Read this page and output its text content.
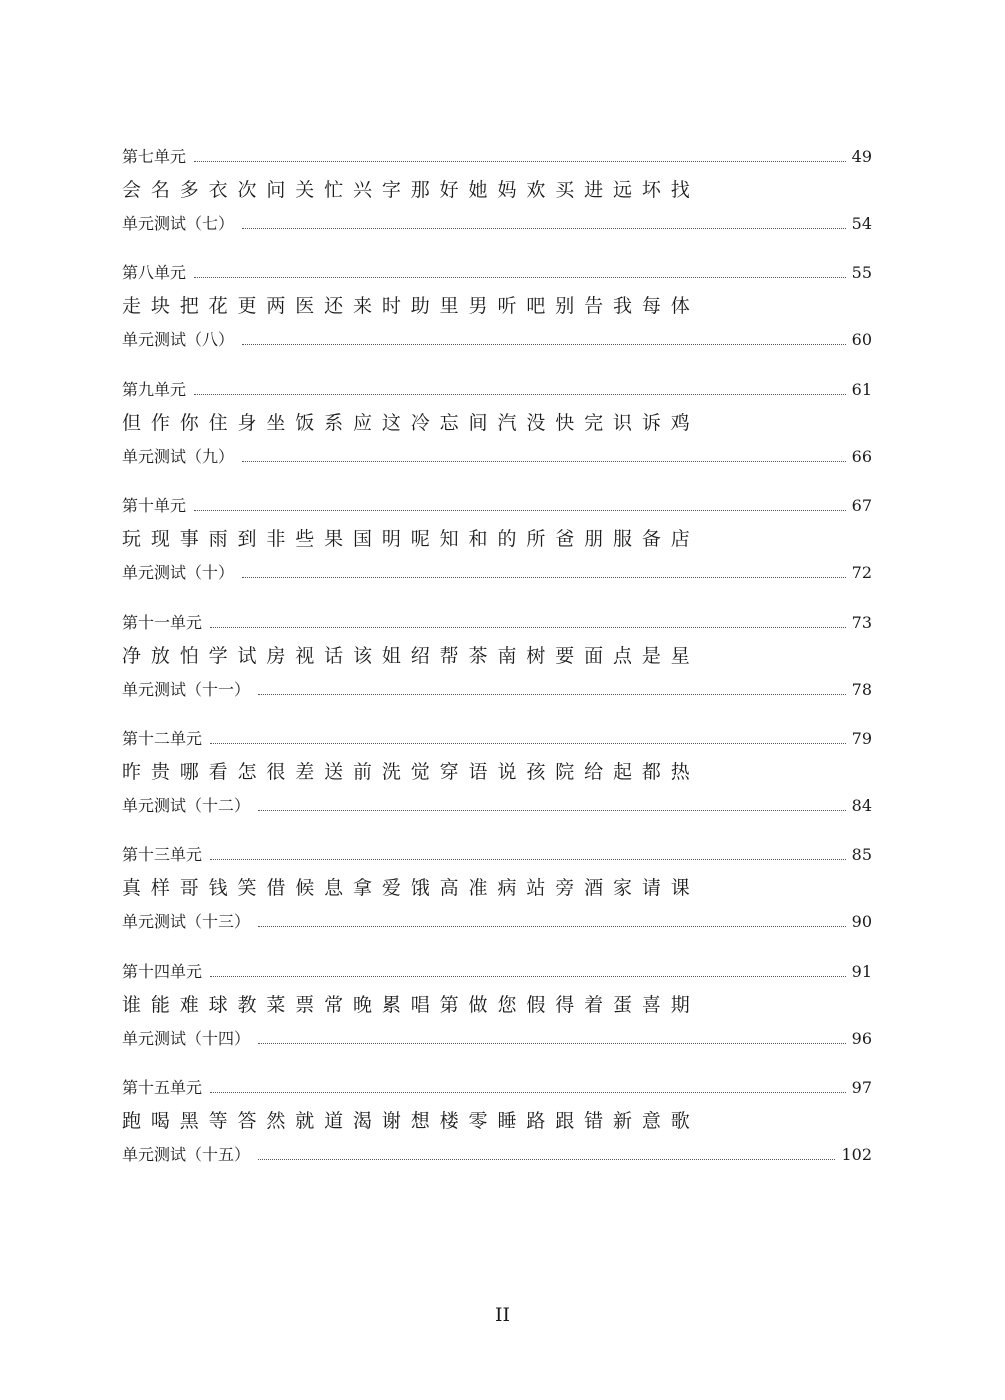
第七单元	49
会名多衣次问关忙兴字那好她妈欢买进远坏找
单元测试（七）	54
第八单元	55
走块把花更两医还来时助里男听吧别告我每体
单元测试（八）	60
第九单元	61
但作你住身坐饭系应这冷忘间汽没快完识诉鸡
单元测试（九）	66
第十单元	67
玩现事雨到非些果国明呢知和的所爸朋服备店
单元测试（十）	72
第十一单元	73
净放怕学试房视话该姐绍帮茶南树要面点是星
单元测试（十一）	78
第十二单元	79
昨贵哪看怎很差送前洗觉穿语说孩院给起都热
单元测试（十二）	84
第十三单元	85
真样哥钱笑借候息拿爱饿高准病站旁酒家请课
单元测试（十三）	90
第十四单元	91
谁能难球教菜票常晚累唱第做您假得着蛋喜期
单元测试（十四）	96
第十五单元	97
跑喝黑等答然就道渴谢想楼零睡路跟错新意歌
单元测试（十五）	102
II
